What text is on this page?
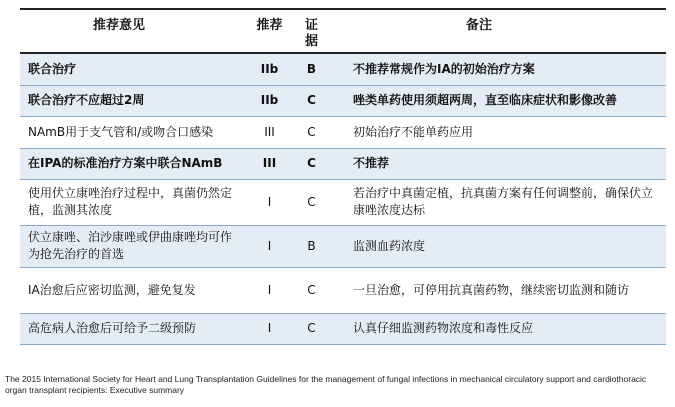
推荐意见	推荐	证据	备注
联合治疗	IIb	B	不推荐常规作为IA的初始治疗方案
联合治疗不应超过2周	IIb	C	唑类单药使用须超两周，直至临床症状和影像改善
NAmB用于支气管和/或吻合口感染	III	C	初始治疗不能单药应用
在IPA的标准治疗方案中联合NAmB	III	C	不推荐
使用伏立康唑治疗过程中，真菌仍然定植，监测其浓度	I	C	若治疗中真菌定植，抗真菌方案有任何调整前，确保伏立康唑浓度达标
伏立康唑、泊沙康唑或伊曲康唑均可作为抢先治疗的首选	I	B	监测血药浓度
IA治愈后应密切监测，避免复发	I	C	一旦治愈，可停用抗真菌药物，继续密切监测和随访
高危病人治愈后可给予二级预防	I	C	认真仔细监测药物浓度和毒性反应
The 2015 International Society for Heart and Lung Transplantation Guidelines for the management of fungal infections in mechanical circulatory support and cardiothoracic organ transplant recipients: Executive summary
